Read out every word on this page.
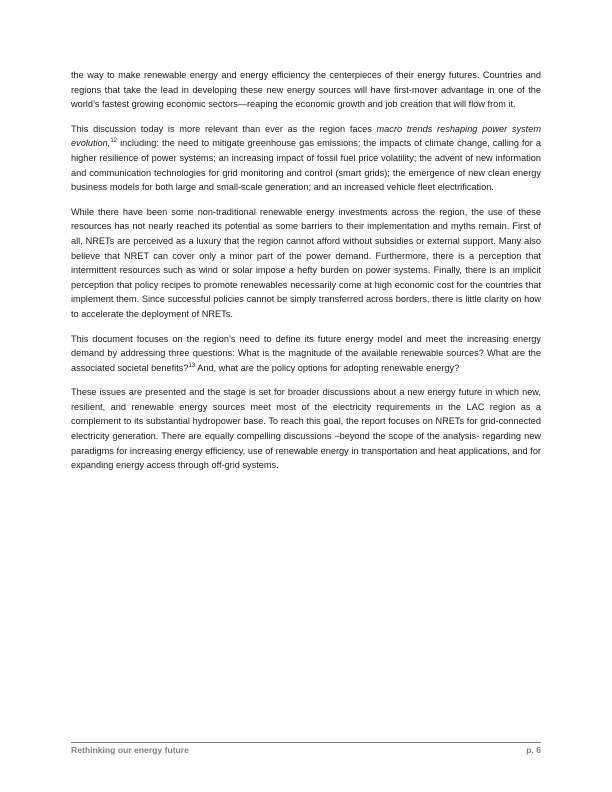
the way to make renewable energy and energy efficiency the centerpieces of their energy futures. Countries and regions that take the lead in developing these new energy sources will have first-mover advantage in one of the world’s fastest growing economic sectors—reaping the economic growth and job creation that will flow from it.

This discussion today is more relevant than ever as the region faces macro trends reshaping power system evolution,$^{12}$ including: the need to mitigate greenhouse gas emissions; the impacts of climate change, calling for a higher resilience of power systems; an increasing impact of fossil fuel price volatility; the advent of new information and communication technologies for grid monitoring and control (smart grids); the emergence of new clean energy business models for both large and small-scale generation; and an increased vehicle fleet electrification.

While there have been some non-traditional renewable energy investments across the region, the use of these resources has not nearly reached its potential as some barriers to their implementation and myths remain. First of all, NRETs are perceived as a luxury that the region cannot afford without subsidies or external support. Many also believe that NRET can cover only a minor part of the power demand. Furthermore, there is a perception that intermittent resources such as wind or solar impose a hefty burden on power systems. Finally, there is an implicit perception that policy recipes to promote renewables necessarily come at high economic cost for the countries that implement them. Since successful policies cannot be simply transferred across borders, there is little clarity on how to accelerate the deployment of NRETs.

This document focuses on the region’s need to define its future energy model and meet the increasing energy demand by addressing three questions: What is the magnitude of the available renewable sources? What are the associated societal benefits?$^{13}$ And, what are the policy options for adopting renewable energy?

These issues are presented and the stage is set for broader discussions about a new energy future in which new, resilient, and renewable energy sources meet most of the electricity requirements in the LAC region as a complement to its substantial hydropower base. To reach this goal, the report focuses on NRETs for grid-connected electricity generation. There are equally compelling discussions –beyond the scope of the analysis- regarding new paradigms for increasing energy efficiency, use of renewable energy in transportation and heat applications, and for expanding energy access through off-grid systems.

Rethinking our energy future	p. 6
